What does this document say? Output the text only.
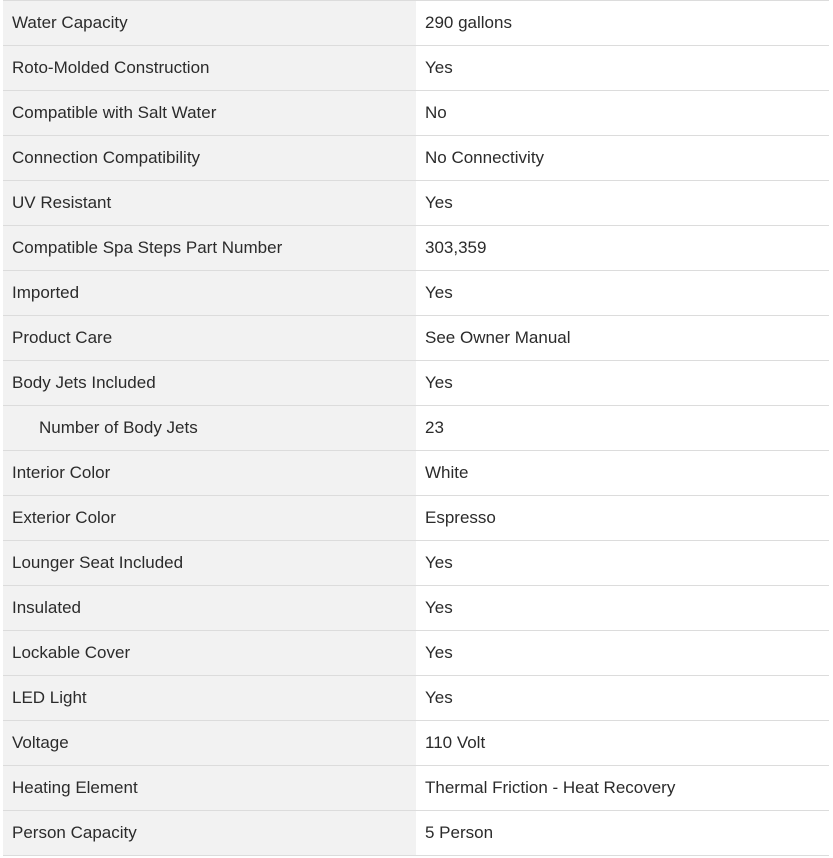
Water Capacity	290 gallons
Roto-Molded Construction	Yes
Compatible with Salt Water	No
Connection Compatibility	No Connectivity
UV Resistant	Yes
Compatible Spa Steps Part Number	303,359
Imported	Yes
Product Care	See Owner Manual
Body Jets Included	Yes
Number of Body Jets	23
Interior Color	White
Exterior Color	Espresso
Lounger Seat Included	Yes
Insulated	Yes
Lockable Cover	Yes
LED Light	Yes
Voltage	110 Volt
Heating Element	Thermal Friction - Heat Recovery
Person Capacity	5 Person
